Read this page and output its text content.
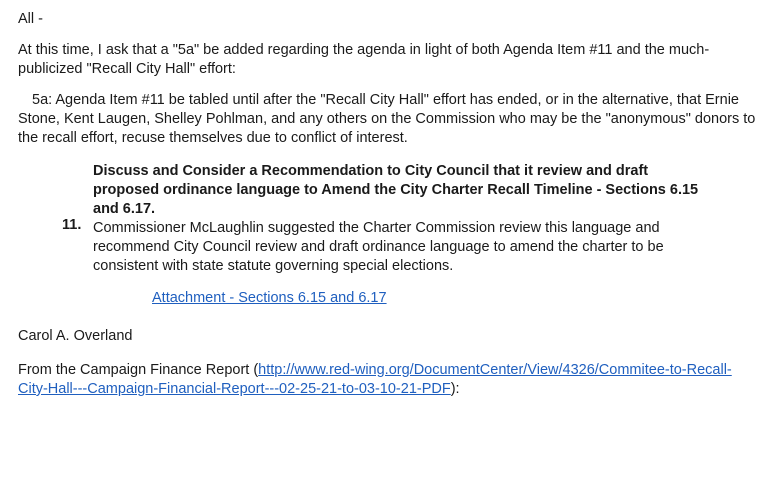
All -

At this time, I ask that a "5a" be added regarding the agenda in light of both Agenda Item #11 and the much-publicized "Recall City Hall" effort:

5a: Agenda Item #11 be tabled until after the "Recall City Hall" effort has ended, or in the alternative, that Ernie Stone, Kent Laugen, Shelley Pohlman, and any others on the Commission who may be the "anonymous" donors to the recall effort, recuse themselves due to conflict of interest.

11.

Discuss and Consider a Recommendation to City Council that it review and draft proposed ordinance language to Amend the City Charter Recall Timeline - Sections 6.15 and 6.17.

Commissioner McLaughlin suggested the Charter Commission review this language and recommend City Council review and draft ordinance language to amend the charter to be consistent with state statute governing special elections.

Attachment - Sections 6.15 and 6.17

Carol A. Overland

From the Campaign Finance Report (http://www.red-wing.org/DocumentCenter/View/4326/Commitee-to-Recall-City-Hall---Campaign-Financial-Report---02-25-21-to-03-10-21-PDF):
